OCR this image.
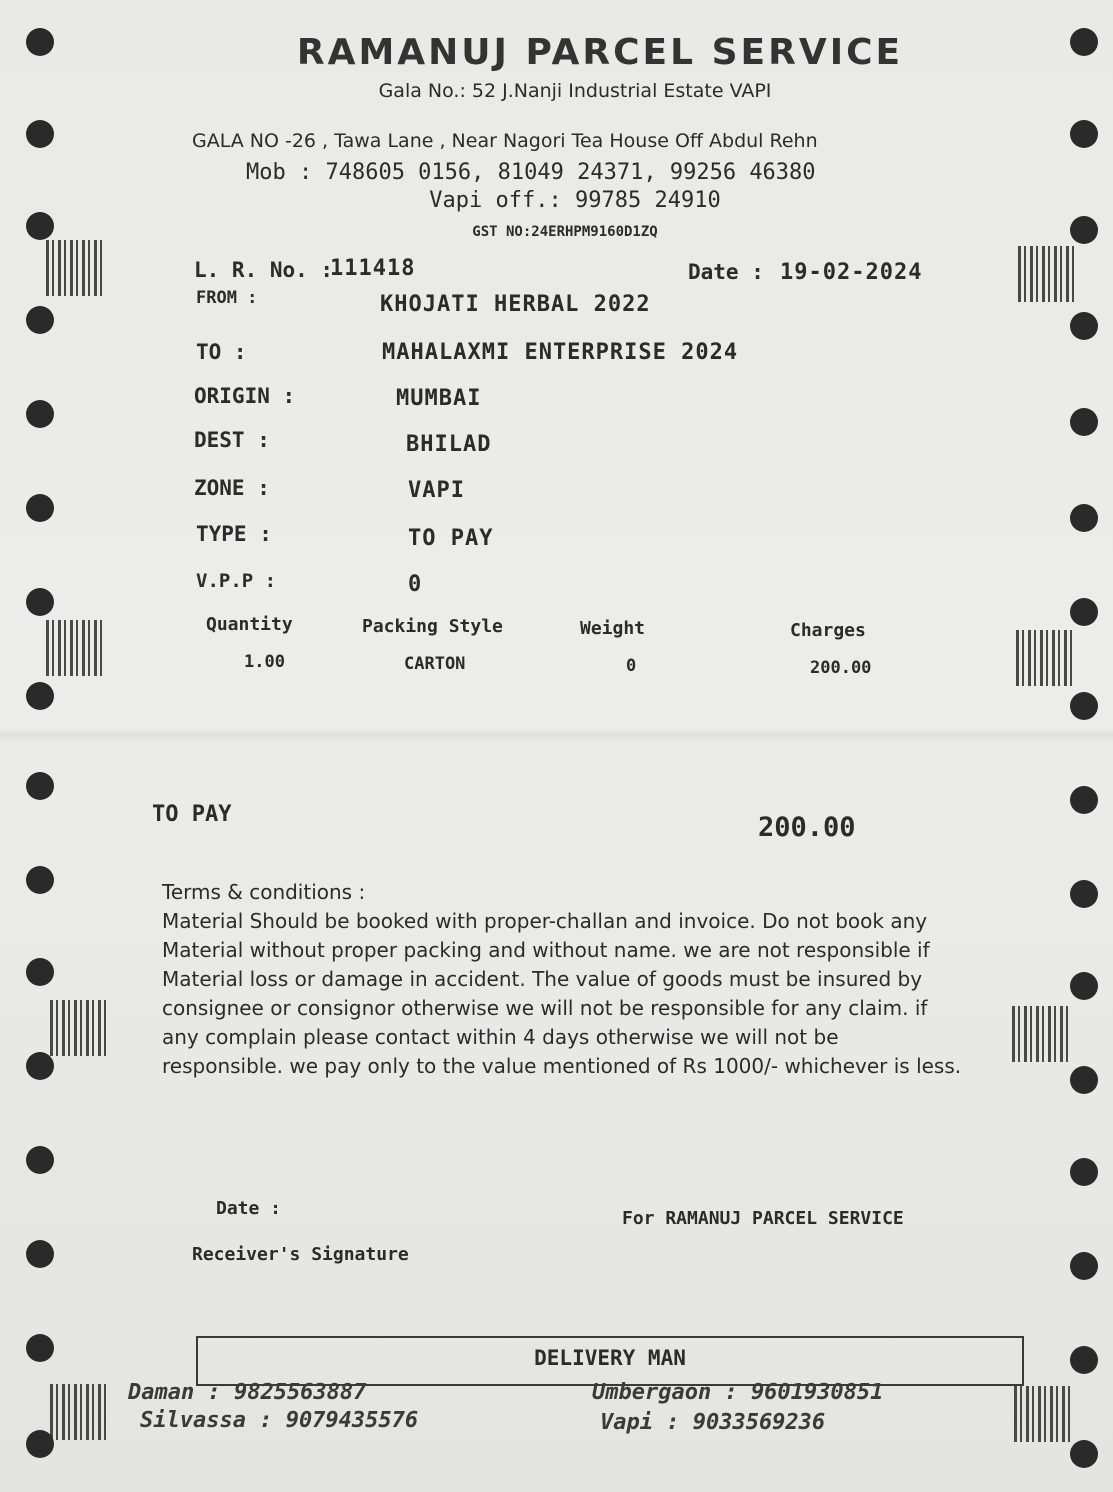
RAMANUJ PARCEL SERVICE
Gala No.: 52 J.Nanji Industrial Estate VAPI
GALA NO -26 , Tawa Lane , Near Nagori Tea House Off Abdul Rehn
Mob : 748605 0156, 81049 24371, 99256 46380
Vapi off.: 99785 24910
GST NO:24ERHPM9160D1ZQ
L. R. No. :
111418	Date : 19-02-2024
FROM :	KHOJATI HERBAL 2022
TO :	MAHALAXMI ENTERPRISE 2024
ORIGIN :	MUMBAI
DEST :	BHILAD
ZONE :	VAPI
TYPE :	TO PAY
V.P.P :	0
Quantity	Packing Style	Weight	Charges
1.00	CARTON	0	200.00
TO PAY	200.00

Terms & conditions :

Material Should be booked with proper-challan and invoice. Do not book any Material without proper packing and without name. we are not responsible if Material loss or damage in accident. The value of goods must be insured by consignee or consignor otherwise we will not be responsible for any claim. if any complain please contact within 4 days otherwise we will not be responsible. we pay only to the value mentioned of Rs 1000/- whichever is less.

Date :	For RAMANUJ PARCEL SERVICE
Receiver's Signature
DELIVERY MAN
Daman : 9825563887	Umbergaon : 9601930851
Silvassa : 9079435576	Vapi : 9033569236
